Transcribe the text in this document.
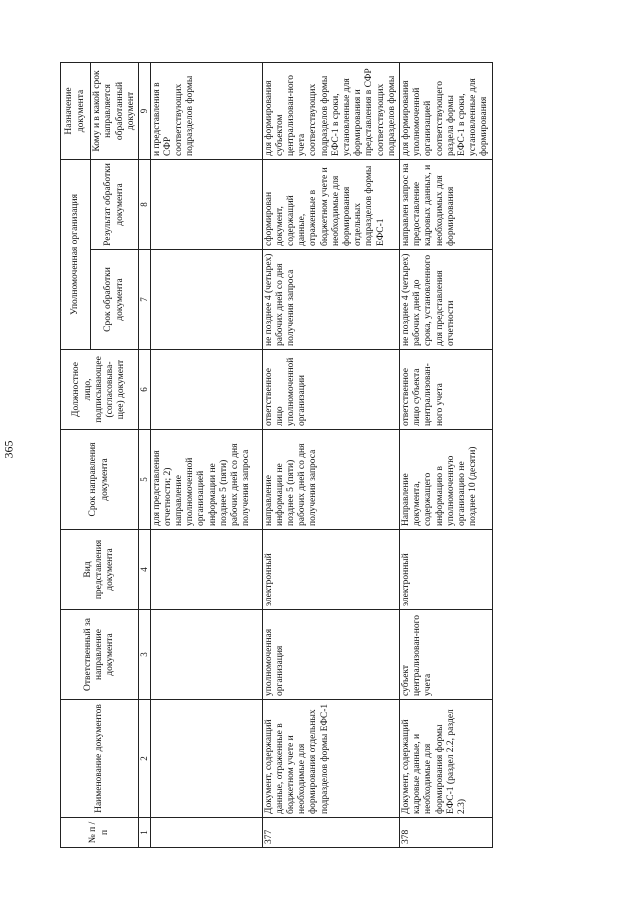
365
№ п / п	Наименование документов	Ответственный за направление документа	Вид представления документа	Срок направления документа	Должностное лицо, подписывающее (согласовыва-щее) документ	Уполномоченная организация		Назначение документа
						Срок обработки документа	Результат обработки документа	Кому и в какой срок направляется обработанный документ
1	2	3	4	5	6	7	8	9
				для представления отчетности; 2) направление уполномоченной организацией информации не позднее 5 (пяти) рабочих дней со дня получения запроса				и представления в СФР соответствующих подразделов формы
377	Документ, содержащий данные, отраженные в бюджетном учете и необходимые для формирования отдельных подразделов формы ЕФС-1	уполномоченная организация	электронный	направление информации не позднее 5 (пяти) рабочих дней со дня получения запроса	ответственное лицо уполномоченной организации	не позднее 4 (четырех) рабочих дней со дня получения запроса	сформирован документ, содержащий данные, отраженные в бюджетном учете и необходимые для формирования отдельных подразделов формы ЕФС-1	для формирования субъектом централизован-ного учета соответствующих подразделов формы ЕФС-1 в сроки, установленные для формирования и представления в СФР соответствующих подразделов формы
378	Документ, содержащий кадровые данные, и необходимые для формирования формы ЕФС-1 (раздел 2.2, раздел 2.3)	субъект централизован-ного учета	электронный	Направление документа, содержащего информацию в уполномоченную организацию не позднее 10 (десяти)	ответственное лицо субъекта централизован-ного учета	не позднее 4 (четырех) рабочих дней до срока, установленного для представления отчетности	направлен запрос на предоставление кадровых данных, и необходимых для формирования	для формирования уполномоченной организацией соответствующего раздела формы ЕФС-1 в сроки, установленные для формирования
